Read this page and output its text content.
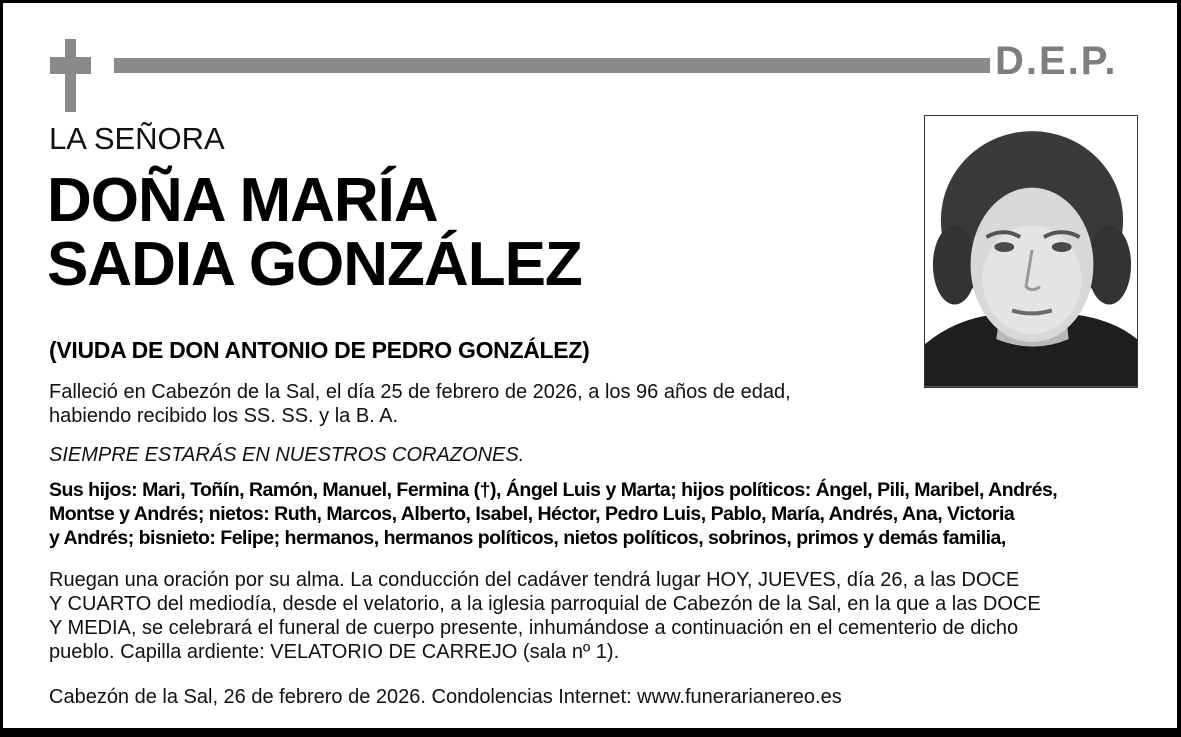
D.E.P.
LA SEÑORA
DOÑA MARÍA
SADIA GONZÁLEZ
(VIUDA DE DON ANTONIO DE PEDRO GONZÁLEZ)
Falleció en Cabezón de la Sal, el día 25 de febrero de 2026, a los 96 años de edad,
habiendo recibido los SS. SS. y la B. A.
SIEMPRE ESTARÁS EN NUESTROS CORAZONES.
Sus hijos: Mari, Toñín, Ramón, Manuel, Fermina (†), Ángel Luis y Marta; hijos políticos: Ángel, Pili, Maribel, Andrés,
Montse y Andrés; nietos: Ruth, Marcos, Alberto, Isabel, Héctor, Pedro Luis, Pablo, María, Andrés, Ana, Victoria
y Andrés; bisnieto: Felipe; hermanos, hermanos políticos, nietos políticos, sobrinos, primos y demás familia,
Ruegan una oración por su alma. La conducción del cadáver tendrá lugar HOY, JUEVES, día 26, a las DOCE
Y CUARTO del mediodía, desde el velatorio, a la iglesia parroquial de Cabezón de la Sal, en la que a las DOCE
Y MEDIA, se celebrará el funeral de cuerpo presente, inhumándose a continuación en el cementerio de dicho
pueblo. Capilla ardiente: VELATORIO DE CARREJO (sala nº 1).
Cabezón de la Sal, 26 de febrero de 2026. Condolencias Internet: www.funerarianereo.es
